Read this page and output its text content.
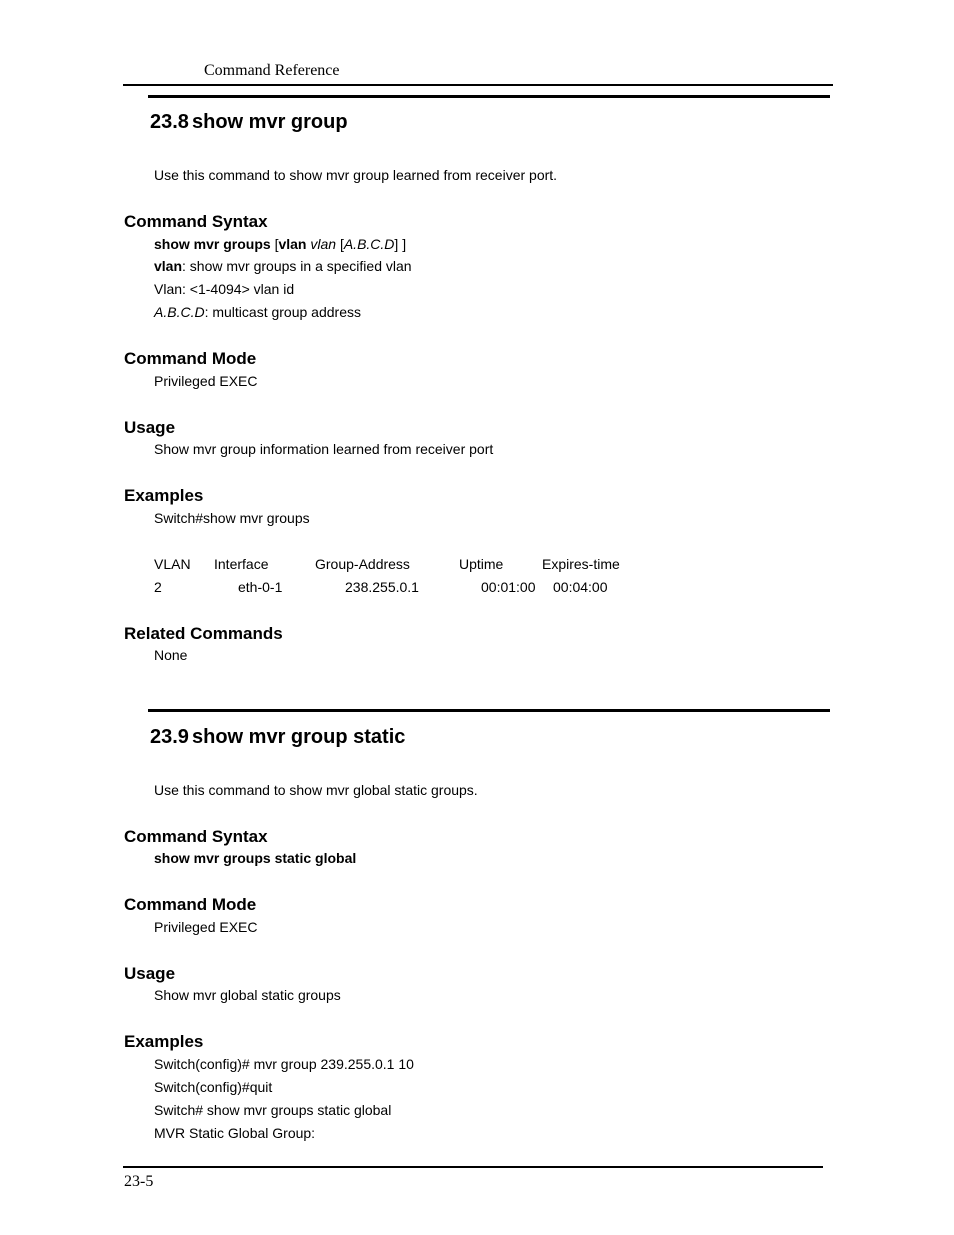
Command Reference
23.8 show mvr group
Use this command to show mvr group learned from receiver port.
Command Syntax
show mvr groups [vlan vlan [A.B.C.D] ]
vlan: show mvr groups in a specified vlan
Vlan: <1-4094> vlan id
A.B.C.D: multicast group address
Command Mode
Privileged EXEC
Usage
Show mvr group information learned from receiver port
Examples
Switch#show mvr groups
VLAN Interface	Group-Address	Uptime	Expires-time
2	eth-0-1	238.255.0.1	00:01:00 00:04:00
Related Commands
None
23.9 show mvr group static
Use this command to show mvr global static groups.
Command Syntax
show mvr groups static global
Command Mode
Privileged EXEC
Usage
Show mvr global static groups
Examples
Switch(config)# mvr group 239.255.0.1 10
Switch(config)#quit
Switch# show mvr groups static global
MVR Static Global Group:
23-5
